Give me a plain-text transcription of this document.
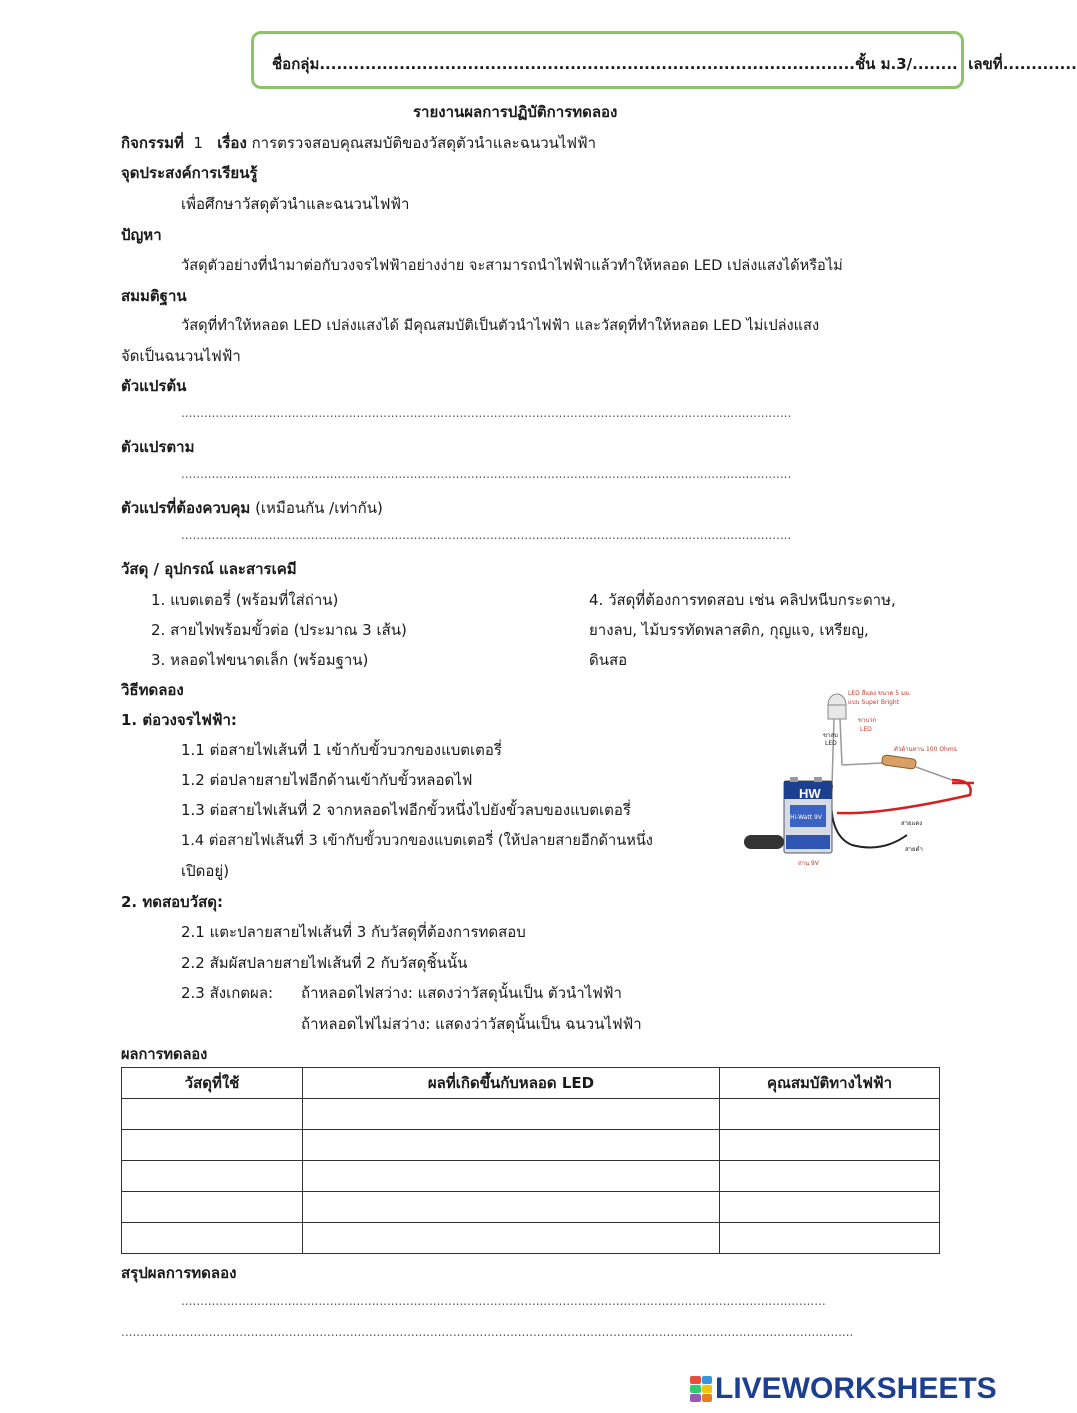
ชื่อกลุ่ม..............................................................................................ชั้น ม.3/........ เลขที่.............
รายงานผลการปฏิบัติการทดลอง
กิจกรรมที่ 1 เรื่อง การตรวจสอบคุณสมบัติของวัสดุตัวนำและฉนวนไฟฟ้า
จุดประสงค์การเรียนรู้
เพื่อศึกษาวัสดุตัวนำและฉนวนไฟฟ้า
ปัญหา
วัสดุตัวอย่างที่นำมาต่อกับวงจรไฟฟ้าอย่างง่าย จะสามารถนำไฟฟ้าแล้วทำให้หลอด LED เปล่งแสงได้หรือไม่
สมมติฐาน
วัสดุที่ทำให้หลอด LED เปล่งแสงได้ มีคุณสมบัติเป็นตัวนำไฟฟ้า และวัสดุที่ทำให้หลอด LED ไม่เปล่งแสง
จัดเป็นฉนวนไฟฟ้า
ตัวแปรต้น
................................................................................................................................................................
ตัวแปรตาม
................................................................................................................................................................
ตัวแปรที่ต้องควบคุม (เหมือนกัน /เท่ากัน)
................................................................................................................................................................
วัสดุ / อุปกรณ์ และสารเคมี
1. แบตเตอรี่ (พร้อมที่ใส่ถ่าน)
2. สายไฟพร้อมขั้วต่อ (ประมาณ 3 เส้น)
3. หลอดไฟขนาดเล็ก (พร้อมฐาน)
4. วัสดุที่ต้องการทดสอบ เช่น คลิปหนีบกระดาษ,
ยางลบ, ไม้บรรทัดพลาสติก, กุญแจ, เหรียญ,
ดินสอ
วิธีทดลอง
1. ต่อวงจรไฟฟ้า:
1.1 ต่อสายไฟเส้นที่ 1 เข้ากับขั้วบวกของแบตเตอรี่
1.2 ต่อปลายสายไฟอีกด้านเข้ากับขั้วหลอดไฟ
1.3 ต่อสายไฟเส้นที่ 2 จากหลอดไฟอีกขั้วหนึ่งไปยังขั้วลบของแบตเตอรี่
1.4 ต่อสายไฟเส้นที่ 3 เข้ากับขั้วบวกของแบตเตอรี่ (ให้ปลายสายอีกด้านหนึ่ง
เปิดอยู่)
2. ทดสอบวัสดุ:
2.1 แตะปลายสายไฟเส้นที่ 3 กับวัสดุที่ต้องการทดสอบ
2.2 สัมผัสปลายสายไฟเส้นที่ 2 กับวัสดุชิ้นนั้น
2.3 สังเกตผล: ถ้าหลอดไฟสว่าง: แสดงว่าวัสดุนั้นเป็น ตัวนำไฟฟ้า
ถ้าหลอดไฟไม่สว่าง: แสดงว่าวัสดุนั้นเป็น ฉนวนไฟฟ้า
HW
Hi-Watt 9V
LED สีแดง ขนาด 5 มม.
แบบ Super Bright
ขาบวก
LED
ขาลบ
LED
ตัวต้านทาน 100 Ohms
สายแดง
สายดำ
ถ่าน 9V
ผลการทดลอง
วัสดุที่ใช้	ผลที่เกิดขึ้นกับหลอด LED	คุณสมบัติทางไฟฟ้า

สรุปผลการทดลอง
.........................................................................................................................................................................
................................................................................................................................................................................................
LIVEWORKSHEETS
